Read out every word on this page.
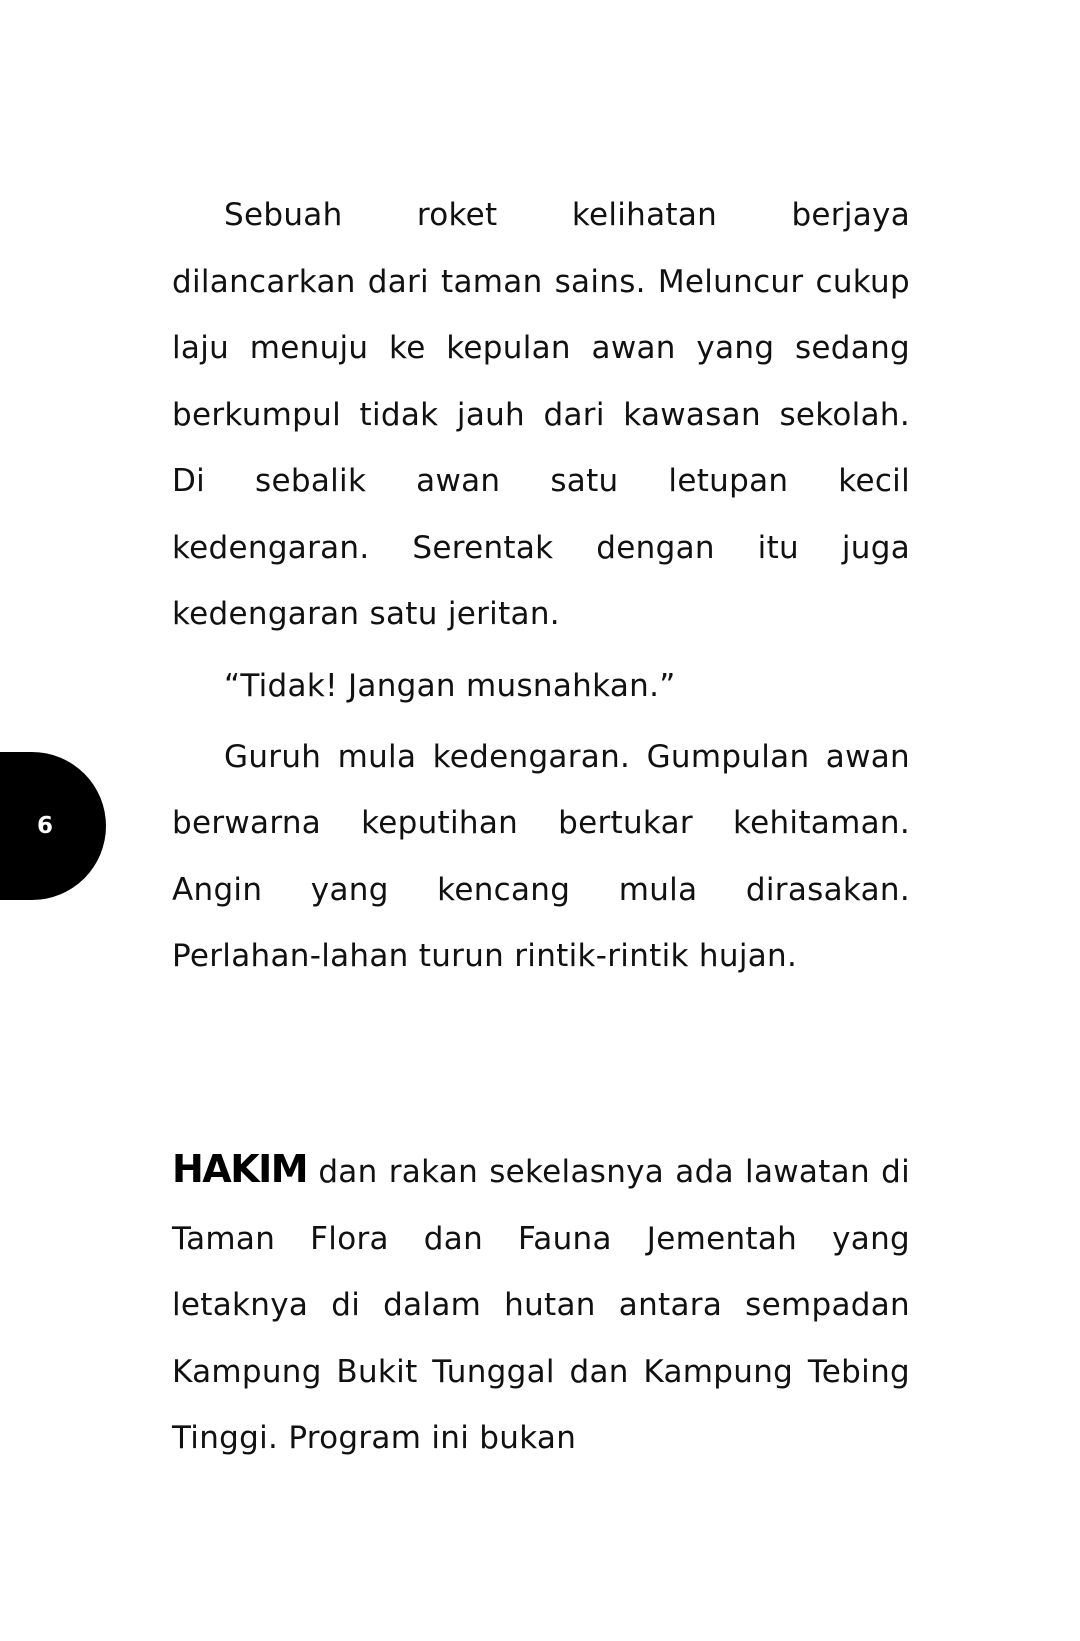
Sebuah roket kelihatan berjaya dilancarkan dari taman sains. Meluncur cukup laju menuju ke kepulan awan yang sedang berkumpul tidak jauh dari kawasan sekolah. Di sebalik awan satu letupan kecil kedengaran. Serentak dengan itu juga kedengaran satu jeritan.

“Tidak! Jangan musnahkan.”

Guruh mula kedengaran. Gumpulan awan berwarna keputihan bertukar kehitaman. Angin yang kencang mula dirasakan. Perlahan-lahan turun rintik-rintik hujan.

HAKIM dan rakan sekelasnya ada lawatan di Taman Flora dan Fauna Jementah yang letaknya di dalam hutan antara sempadan Kampung Bukit Tunggal dan Kampung Tebing Tinggi. Program ini bukan

6
